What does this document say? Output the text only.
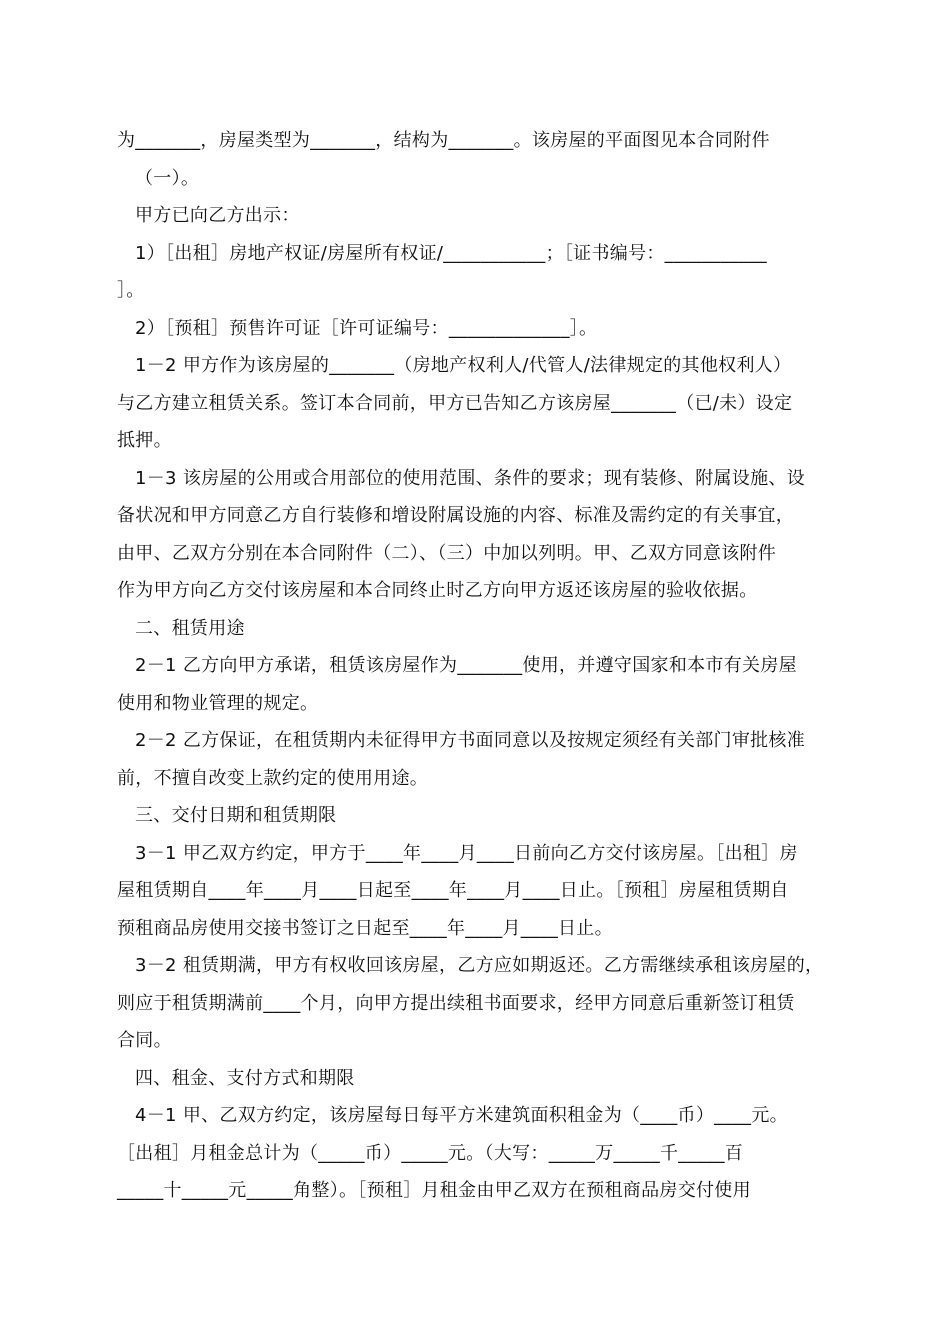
为_______，房屋类型为_______，结构为_______。该房屋的平面图见本合同附件
（一）。
甲方已向乙方出示：
1）［出租］房地产权证/房屋所有权证/___________；［证书编号：___________
］。
2）［预租］预售许可证［许可证编号：_____________］。
1－2 甲方作为该房屋的_______（房地产权利人/代管人/法律规定的其他权利人）
与乙方建立租赁关系。签订本合同前，甲方已告知乙方该房屋_______（已/未）设定
抵押。
1－3 该房屋的公用或合用部位的使用范围、条件的要求；现有装修、附属设施、设
备状况和甲方同意乙方自行装修和增设附属设施的内容、标准及需约定的有关事宜，
由甲、乙双方分别在本合同附件（二）、（三）中加以列明。甲、乙双方同意该附件
作为甲方向乙方交付该房屋和本合同终止时乙方向甲方返还该房屋的验收依据。
二、租赁用途
2－1 乙方向甲方承诺，租赁该房屋作为_______使用，并遵守国家和本市有关房屋
使用和物业管理的规定。
2－2 乙方保证，在租赁期内未征得甲方书面同意以及按规定须经有关部门审批核准
前，不擅自改变上款约定的使用用途。
三、交付日期和租赁期限
3－1 甲乙双方约定，甲方于____年____月____日前向乙方交付该房屋。［出租］房
屋租赁期自____年____月____日起至____年____月____日止。［预租］房屋租赁期自
预租商品房使用交接书签订之日起至____年____月____日止。
3－2 租赁期满，甲方有权收回该房屋，乙方应如期返还。乙方需继续承租该房屋的，
则应于租赁期满前____个月，向甲方提出续租书面要求，经甲方同意后重新签订租赁
合同。
四、租金、支付方式和期限
4－1 甲、乙双方约定，该房屋每日每平方米建筑面积租金为（____币）____元。
［出租］月租金总计为（_____币）_____元。（大写：_____万_____千_____百
_____十_____元_____角整）。［预租］月租金由甲乙双方在预租商品房交付使用
